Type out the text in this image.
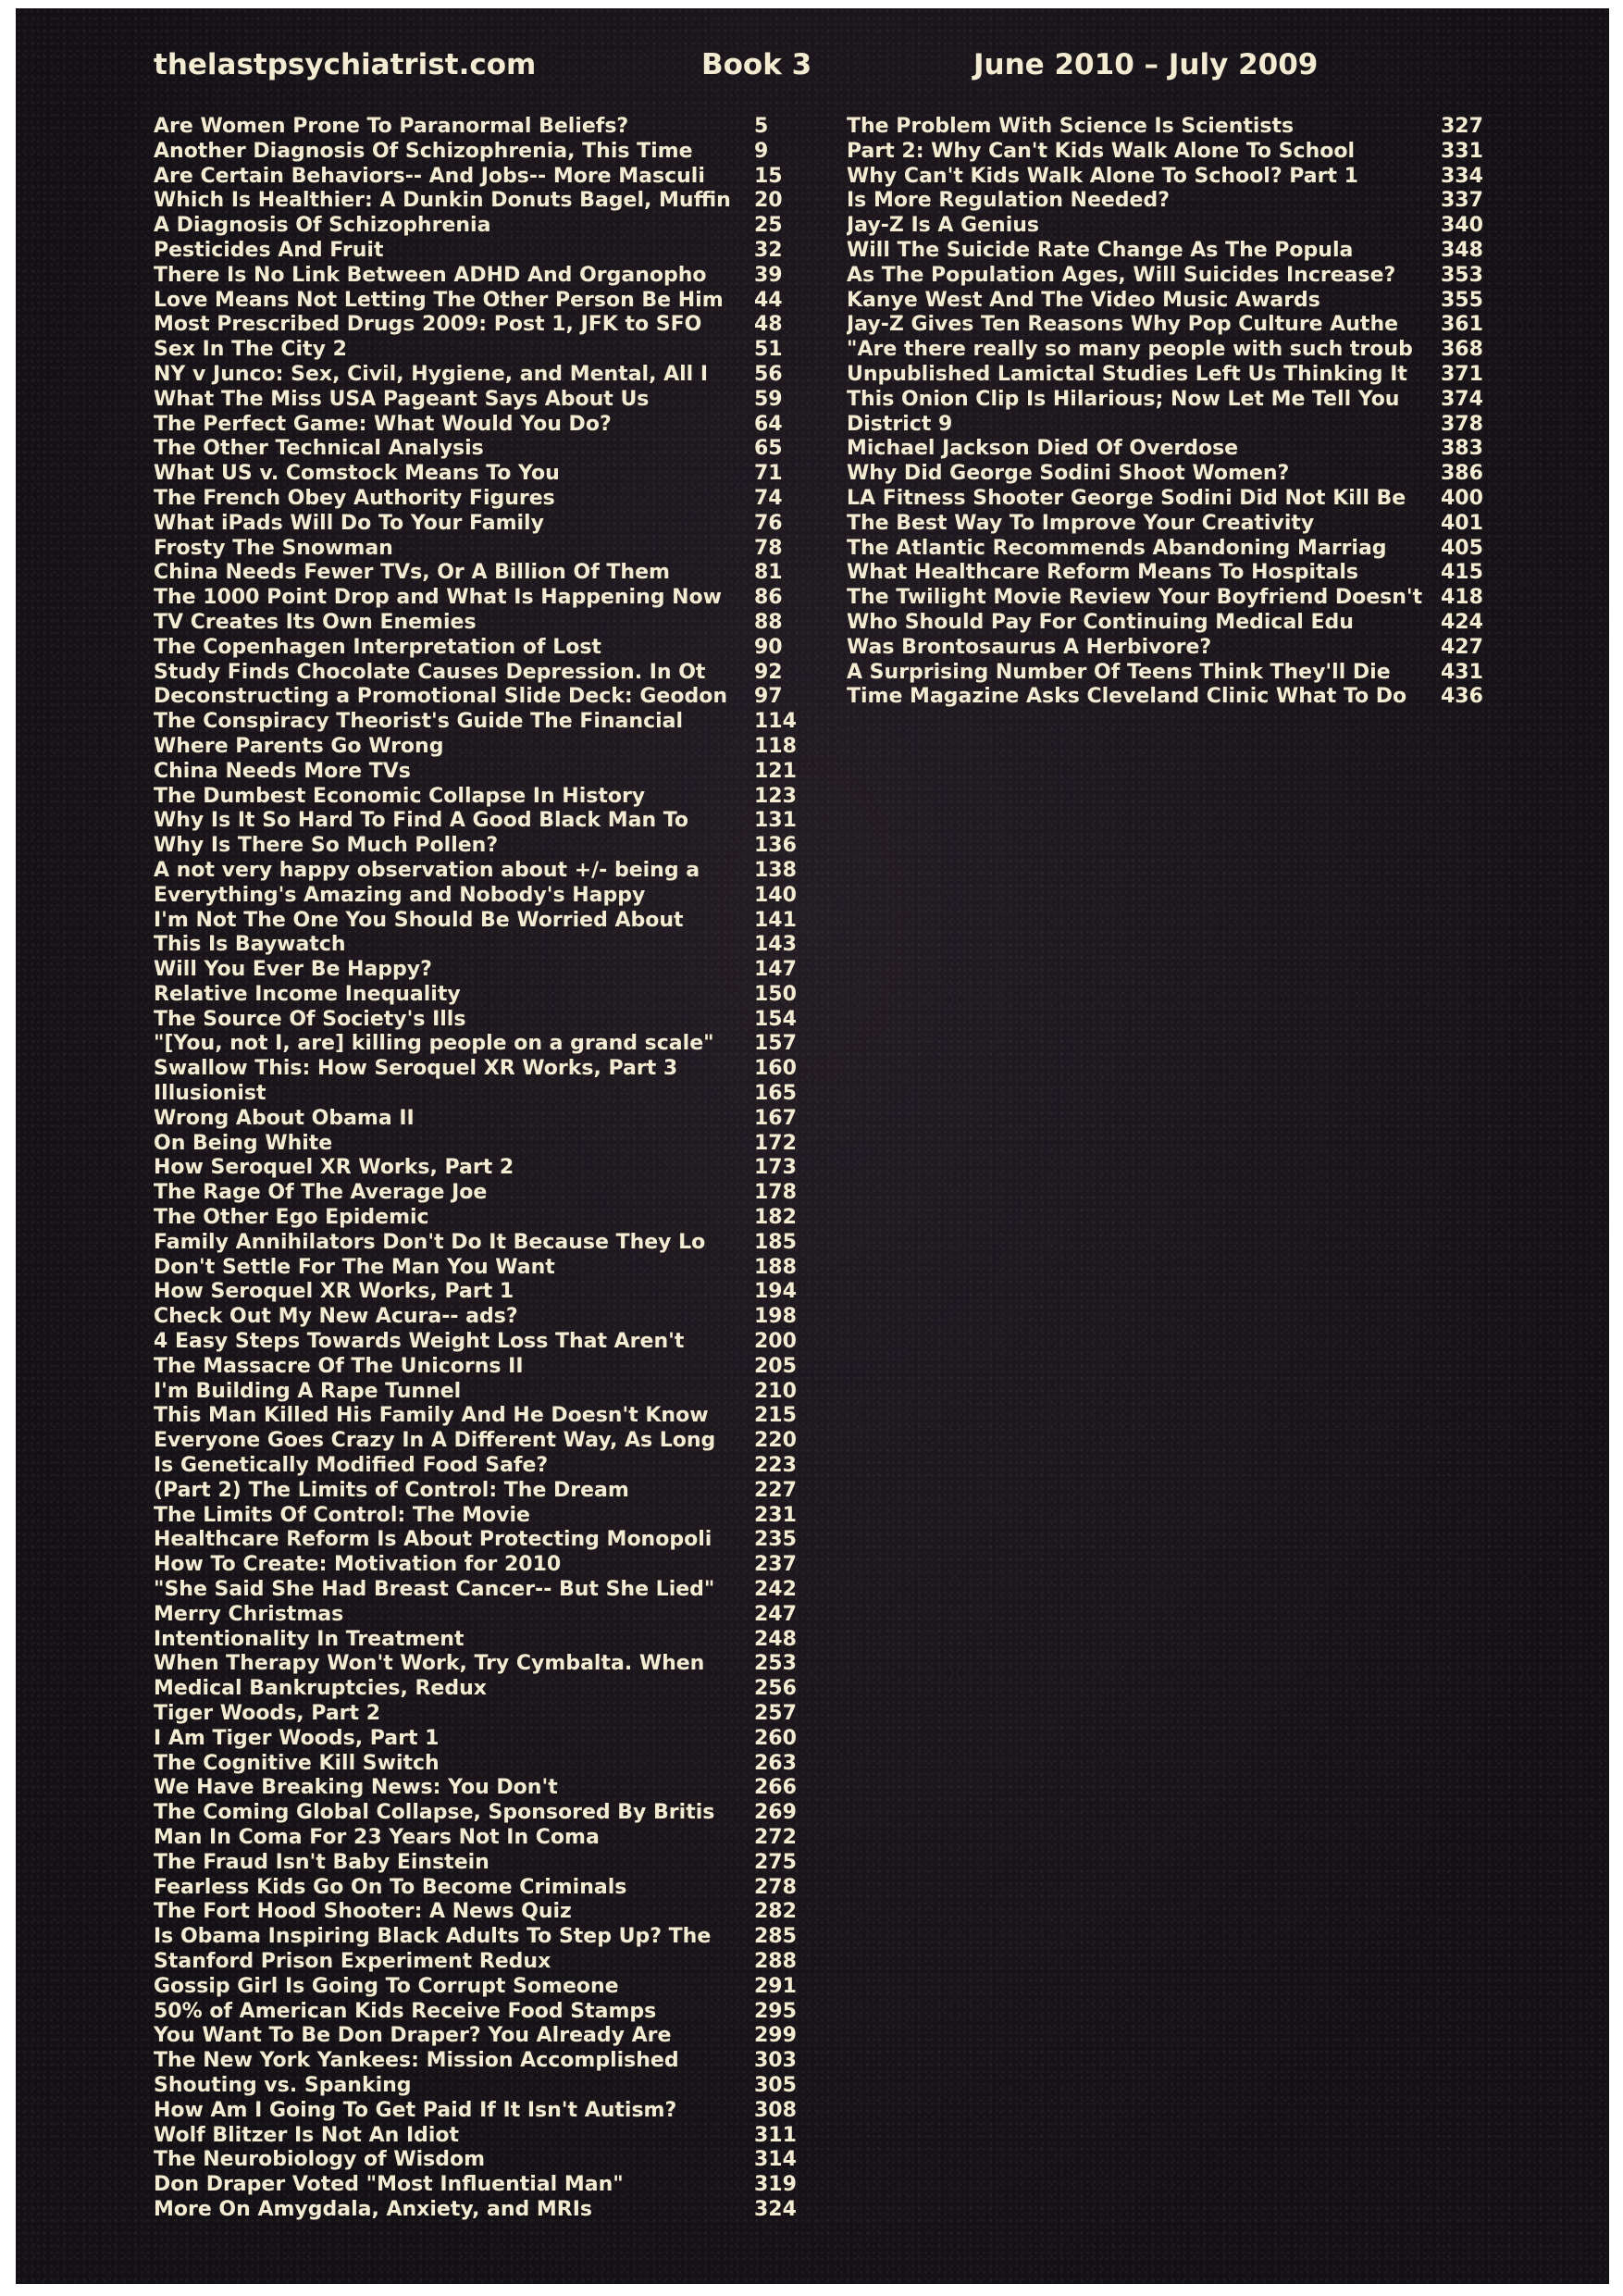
thelastpsychiatrist.com	Book 3	June 2010 – July 2009
Are Women Prone To Paranormal Beliefs?	5
Another Diagnosis Of Schizophrenia, This Time	9
Are Certain Behaviors-- And Jobs-- More Masculi	15
Which Is Healthier: A Dunkin Donuts Bagel, Muffin	20
A Diagnosis Of Schizophrenia	25
Pesticides And Fruit	32
There Is No Link Between ADHD And Organopho	39
Love Means Not Letting The Other Person Be Him	44
Most Prescribed Drugs 2009: Post 1, JFK to SFO	48
Sex In The City 2	51
NY v Junco: Sex, Civil, Hygiene, and Mental, All I	56
What The Miss USA Pageant Says About Us	59
The Perfect Game: What Would You Do?	64
The Other Technical Analysis	65
What US v. Comstock Means To You	71
The French Obey Authority Figures	74
What iPads Will Do To Your Family	76
Frosty The Snowman	78
China Needs Fewer TVs, Or A Billion Of Them	81
The 1000 Point Drop and What Is Happening Now	86
TV Creates Its Own Enemies	88
The Copenhagen Interpretation of Lost	90
Study Finds Chocolate Causes Depression. In Ot	92
Deconstructing a Promotional Slide Deck: Geodon	97
The Conspiracy Theorist's Guide The Financial	114
Where Parents Go Wrong	118
China Needs More TVs	121
The Dumbest Economic Collapse In History	123
Why Is It So Hard To Find A Good Black Man To	131
Why Is There So Much Pollen?	136
A not very happy observation about +/- being a	138
Everything's Amazing and Nobody's Happy	140
I'm Not The One You Should Be Worried About	141
This Is Baywatch	143
Will You Ever Be Happy?	147
Relative Income Inequality	150
The Source Of Society's Ills	154
"[You, not I, are] killing people on a grand scale"	157
Swallow This: How Seroquel XR Works, Part 3	160
Illusionist	165
Wrong About Obama II	167
On Being White	172
How Seroquel XR Works, Part 2	173
The Rage Of The Average Joe	178
The Other Ego Epidemic	182
Family Annihilators Don't Do It Because They Lo	185
Don't Settle For The Man You Want	188
How Seroquel XR Works, Part 1	194
Check Out My New Acura-- ads?	198
4 Easy Steps Towards Weight Loss That Aren't	200
The Massacre Of The Unicorns II	205
I'm Building A Rape Tunnel	210
This Man Killed His Family And He Doesn't Know	215
Everyone Goes Crazy In A Different Way, As Long	220
Is Genetically Modified Food Safe?	223
(Part 2) The Limits of Control: The Dream	227
The Limits Of Control: The Movie	231
Healthcare Reform Is About Protecting Monopoli	235
How To Create: Motivation for 2010	237
"She Said She Had Breast Cancer-- But She Lied"	242
Merry Christmas	247
Intentionality In Treatment	248
When Therapy Won't Work, Try Cymbalta. When	253
Medical Bankruptcies, Redux	256
Tiger Woods, Part 2	257
I Am Tiger Woods, Part 1	260
The Cognitive Kill Switch	263
We Have Breaking News: You Don't	266
The Coming Global Collapse, Sponsored By Britis	269
Man In Coma For 23 Years Not In Coma	272
The Fraud Isn't Baby Einstein	275
Fearless Kids Go On To Become Criminals	278
The Fort Hood Shooter: A News Quiz	282
Is Obama Inspiring Black Adults To Step Up? The	285
Stanford Prison Experiment Redux	288
Gossip Girl Is Going To Corrupt Someone	291
50% of American Kids Receive Food Stamps	295
You Want To Be Don Draper? You Already Are	299
The New York Yankees: Mission Accomplished	303
Shouting vs. Spanking	305
How Am I Going To Get Paid If It Isn't Autism?	308
Wolf Blitzer Is Not An Idiot	311
The Neurobiology of Wisdom	314
Don Draper Voted "Most Influential Man"	319
More On Amygdala, Anxiety, and MRIs	324
The Problem With Science Is Scientists	327
Part 2: Why Can't Kids Walk Alone To School	331
Why Can't Kids Walk Alone To School? Part 1	334
Is More Regulation Needed?	337
Jay-Z Is A Genius	340
Will The Suicide Rate Change As The Popula	348
As The Population Ages, Will Suicides Increase?	353
Kanye West And The Video Music Awards	355
Jay-Z Gives Ten Reasons Why Pop Culture Authe	361
"Are there really so many people with such troub	368
Unpublished Lamictal Studies Left Us Thinking It	371
This Onion Clip Is Hilarious; Now Let Me Tell You	374
District 9	378
Michael Jackson Died Of Overdose	383
Why Did George Sodini Shoot Women?	386
LA Fitness Shooter George Sodini Did Not Kill Be	400
The Best Way To Improve Your Creativity	401
The Atlantic Recommends Abandoning Marriag	405
What Healthcare Reform Means To Hospitals	415
The Twilight Movie Review Your Boyfriend Doesn't 418
Who Should Pay For Continuing Medical Edu	424
Was Brontosaurus A Herbivore?	427
A Surprising Number Of Teens Think They'll Die	431
Time Magazine Asks Cleveland Clinic What To Do	436
